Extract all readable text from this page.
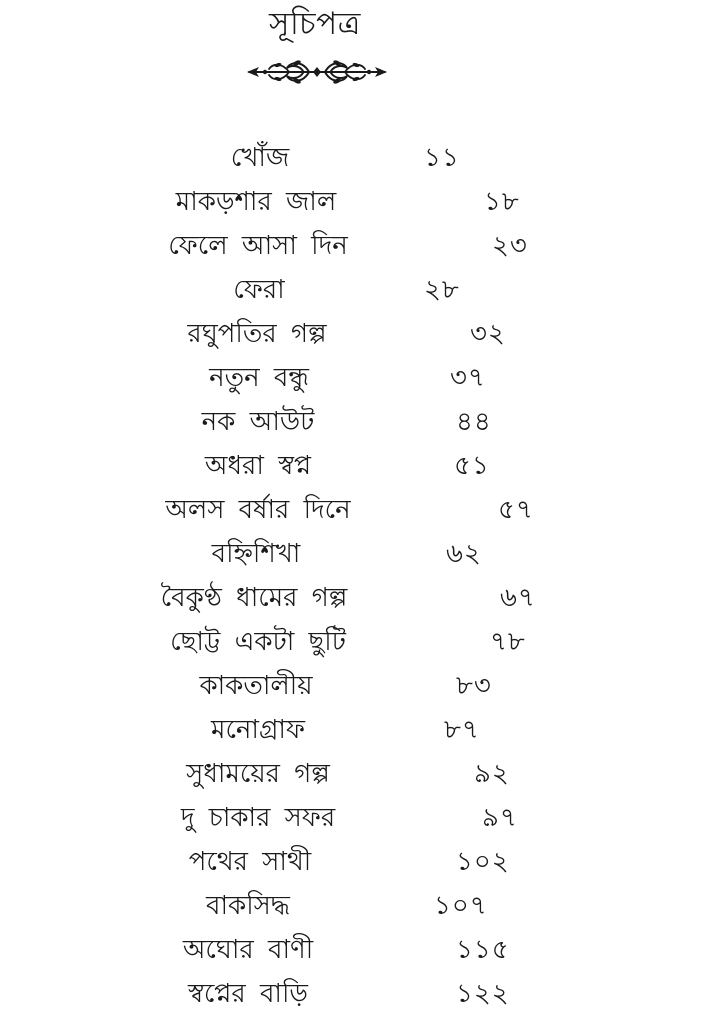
সূচিপত্র
খোঁজ	১১
মাকড়শার জাল	১৮
ফেলে আসা দিন	২৩
ফেরা	২৮
রঘুপতির গল্প	৩২
নতুন বন্ধু	৩৭
নক আউট	৪৪
অধরা স্বপ্ন	৫১
অলস বর্ষার দিনে	৫৭
বহ্নিশিখা	৬২
বৈকুণ্ঠ ধামের গল্প	৬৭
ছোট্ট একটা ছুটি	৭৮
কাকতালীয়	৮৩
মনোগ্রাফ	৮৭
সুধাময়ের গল্প	৯২
দু চাকার সফর	৯৭
পথের সাথী	১০২
বাকসিদ্ধ	১০৭
অঘোর বাণী	১১৫
স্বপ্নের বাড়ি	১২২
